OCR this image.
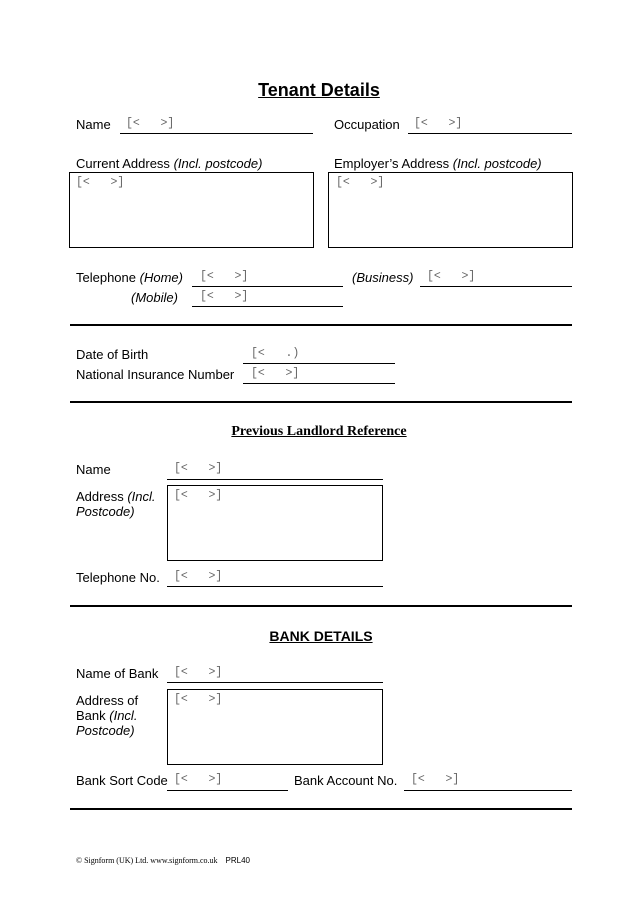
Tenant Details
Name [<   >]	Occupation [<   >]
Current Address (Incl. postcode)
[<   >]
Employer’s Address (Incl. postcode)
[<   >]
Telephone (Home) [<   >]	(Business) [<   >]
(Mobile) [<   >]
Date of Birth	[<   .)
National Insurance Number [<   >]
Previous Landlord Reference
Name	[<   >]
Address (Incl.
Postcode)
[<   >]
Telephone No. [<   >]
BANK DETAILS
Name of Bank [<   >]
Address of
Bank (Incl.
Postcode)
[<   >]
Bank Sort Code [<   >]	Bank Account No. [<   >]
© Signform (UK) Ltd. www.signform.co.uk PRL40
